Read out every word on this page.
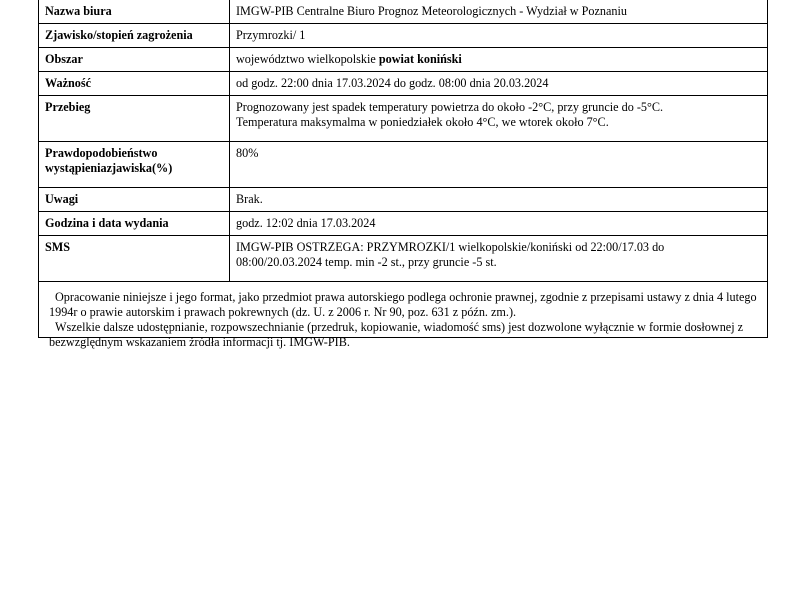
Nazwa biura	IMGW-PIB Centralne Biuro Prognoz Meteorologicznych - Wydział w Poznaniu
Zjawisko/stopień zagrożenia	Przymrozki/ 1
Obszar	województwo wielkopolskie powiat koniński
Ważność	od godz. 22:00 dnia 17.03.2024 do godz. 08:00 dnia 20.03.2024
Przebieg	Prognozowany jest spadek temperatury powietrza do około -2°C, przy gruncie do -5°C.
Temperatura maksymalma w poniedziałek około 4°C, we wtorek około 7°C.

Prawdopodobieństwo wystąpieniazjawiska(%)	80%
Uwagi	Brak.
Godzina i data wydania	godz. 12:02 dnia 17.03.2024
SMS	IMGW-PIB OSTRZEGA: PRZYMROZKI/1 wielkopolskie/koniński od 22:00/17.03 do
08:00/20.03.2024 temp. min -2 st., przy gruncie -5 st.

Opracowanie niniejsze i jego format, jako przedmiot prawa autorskiego podlega ochronie prawnej, zgodnie z przepisami ustawy z dnia 4 lutego 1994r o prawie autorskim i prawach pokrewnych (dz. U. z 2006 r. Nr 90, poz. 631 z późn. zm.).

Wszelkie dalsze udostępnianie, rozpowszechnianie (przedruk, kopiowanie, wiadomość sms) jest dozwolone wyłącznie w formie dosłownej z bezwzględnym wskazaniem źródła informacji tj. IMGW-PIB.
